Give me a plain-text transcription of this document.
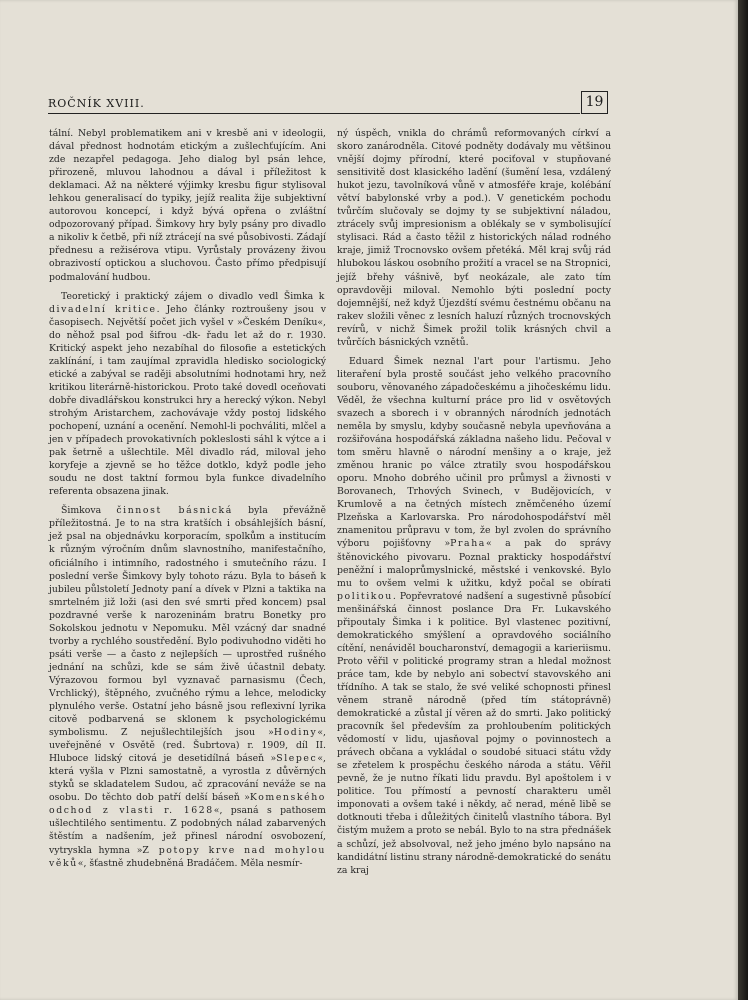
ROČNÍK XVIII.	19

tální. Nebyl problematikem ani v kresbě ani v ideologii, dával přednost hodnotám etickým a zušlechťujícím. Ani zde nezapřel pedagoga. Jeho dialog byl psán lehce, přirozeně, mluvou lahodnou a dával i příležitost k deklamaci. Až na některé výjimky kresbu figur stylisoval lehkou generalisací do typiky, jejíž realita žije subjektivní autorovou koncepcí, i když bývá opřena o zvláštní odpozorovaný případ. Šimkovy hry byly psány pro divadlo a nikoliv k četbě, při níž ztrácejí na své působivosti. Zádají přednesu a režisérova vtipu. Vyrůstaly provázeny živou obrazivostí optickou a sluchovou. Často přímo předpisují podmalování hudbou.

Teoretický i praktický zájem o divadlo vedl Šimka k divadelní kritice. Jeho články roztroušeny jsou v časopisech. Největší počet jich vyšel v »Českém Deníku«, do něhož psal pod šifrou -dk- řadu let až do r. 1930. Kritický aspekt jeho nezabíhal do filosofie a estetických zaklínání, i tam zaujímal zpravidla hledisko sociologický etické a zabýval se raději absolutními hodnotami hry, než kritikou literárně-historickou. Proto také dovedl oceňovati dobře divadlářskou konstrukci hry a herecký výkon. Nebyl strohým Aristarchem, zachovávaje vždy postoj lidského pochopení, uznání a ocenění. Nemohl-li pochváliti, mlčel a jen v případech provokativních pokleslosti sáhl k výtce a i pak šetrně a ušlechtile. Měl divadlo rád, miloval jeho koryfeje a zjevně se ho těžce dotklo, když podle jeho soudu ne dost taktní formou byla funkce divadelního referenta obsazena jinak.

Šimkova činnost básnická byla převážně příležitostná. Je to na stra kratších i obsáhlejších básní, jež psal na objednávku korporacím, spolkům a institucím k různým výročním dnům slavnostního, manifestačního, oficiálního i intimního, radostného i smutečního rázu. I poslední verše Šimkovy byly tohoto rázu. Byla to báseň k jubileu půlstoletí Jednoty paní a dívek v Plzni a taktika na smrtelném již loži (asi den své smrti před koncem) psal pozdravné verše k narozeninám bratru Bonetky pro Sokolskou jednotu v Nepomuku. Měl vzácný dar snadné tvorby a rychlého soustředění. Bylo podivuhodno viděti ho psáti verše — a často z nejlepších — uprostřed rušného jednání na schůzi, kde se sám živě účastnil debaty. Výrazovou formou byl vyznavač parnasismu (Čech, Vrchlický), štěpného, zvučného rýmu a lehce, melodicky plynulého verše. Ostatní jeho básně jsou reflexivní lyrika citově podbarvená se sklonem k psychologickému symbolismu. Z nejušlechtilejších jsou »Hodiny«, uveřejněné v Osvětě (red. Šubrtova) r. 1909, díl II. Hluboce lidský citová je desetidílná báseň »Slepec«, která vyšla v Plzni samostatně, a vyrostla z důvěrných styků se skladatelem Sudou, ač zpracování neváže se na osobu. Do těchto dob patří delší báseň »Komenského odchod z vlasti r. 1628«, psaná s pathosem ušlechtilého sentimentu. Z podobných nálad zabarvených štěstím a nadšením, jež přinesl národní osvobození, vytryskla hymna »Z potopy krve nad mohylou věků«, šťastně zhudebněná Bradáčem. Měla nesmír-

ný úspěch, vnikla do chrámů reformovaných církví a skoro zanárodněla. Citové podněty dodávaly mu většinou vnější dojmy přírodní, které pociťoval v stupňované sensitivitě dost klasického ladění (šumění lesa, vzdálený hukot jezu, tavolníková vůně v atmosféře kraje, kolébání větví babylonské vrby a pod.). V genetickém pochodu tvůrčím slučovaly se dojmy ty se subjektivní náladou, ztrácely svůj impresionism a oblékaly se v symbolisující stylisaci. Rád a často těžil z historických nálad rodného kraje, jimiž Trocnovsko ovšem přetéká. Měl kraj svůj rád hlubokou láskou osobního prožití a vracel se na Stropnici, jejíž břehy vášnivě, byť neokázale, ale zato tím opravdověji miloval. Nemohlo býti poslední pocty dojemnější, než když Újezdští svému čestnému občanu na rakev složili věnec z lesních haluzí různých trocnovských revírů, v nichž Šimek prožil tolik krásných chvil a tvůrčích básnických vznětů.

Eduard Šimek neznal l'art pour l'artismu. Jeho literaření byla prostě součást jeho velkého pracovního souboru, věnovaného západočeskému a jihočeskému lidu. Věděl, že všechna kulturní práce pro lid v osvětových svazech a sborech i v obranných národních jednotách neměla by smyslu, kdyby současně nebyla upevňována a rozšiřována hospodářská základna našeho lidu. Pečoval v tom směru hlavně o národní menšiny a o kraje, jež změnou hranic po válce ztratily svou hospodářskou oporu. Mnoho dobrého učinil pro průmysl a živnosti v Borovanech, Trhových Svinech, v Budějovicích, v Krumlově a na četných místech zněmčeného území Plzeňska a Karlovarska. Pro národohospodářství měl znamenitou průpravu v tom, že byl zvolen do správního výboru pojišťovny »Praha« a pak do správy štěnovického pivovaru. Poznal prakticky hospodářství peněžní i maloprůmyslnické, městské i venkovské. Bylo mu to ovšem velmi k užitku, když počal se obírati politikou. Popřevratové nadšení a sugestivně působící menšinářská činnost poslance Dra Fr. Lukavského připoutaly Šimka i k politice. Byl vlastenec pozitivní, demokratického smýšlení a opravdového sociálního cítění, nenáviděl boucharonství, demagogii a karieriismu. Proto věřil v politické programy stran a hledal možnost práce tam, kde by nebylo ani sobectví stavovského ani třídního. A tak se stalo, že své veliké schopnosti přinesl věnem straně národně (před tím státoprávně) demokratické a zůstal jí věren až do smrti. Jako politický pracovník šel především za prohloubením politických vědomostí v lidu, ujasňoval pojmy o povinnostech a právech občana a vykládal o soudobé situaci státu vždy se zřetelem k prospěchu českého národa a státu. Věřil pevně, že je nutno říkati lidu pravdu. Byl apoštolem i v politice. Tou přímostí a pevností charakteru uměl imponovati a ovšem také i někdy, ač nerad, méně libě se dotknouti třeba i důležitých činitelů vlastního tábora. Byl čistým mužem a proto se nebál. Bylo to na stra přednášek a schůzí, jež absolvoval, než jeho jméno bylo napsáno na kandidátní listinu strany národně-demokratické do senátu za kraj
